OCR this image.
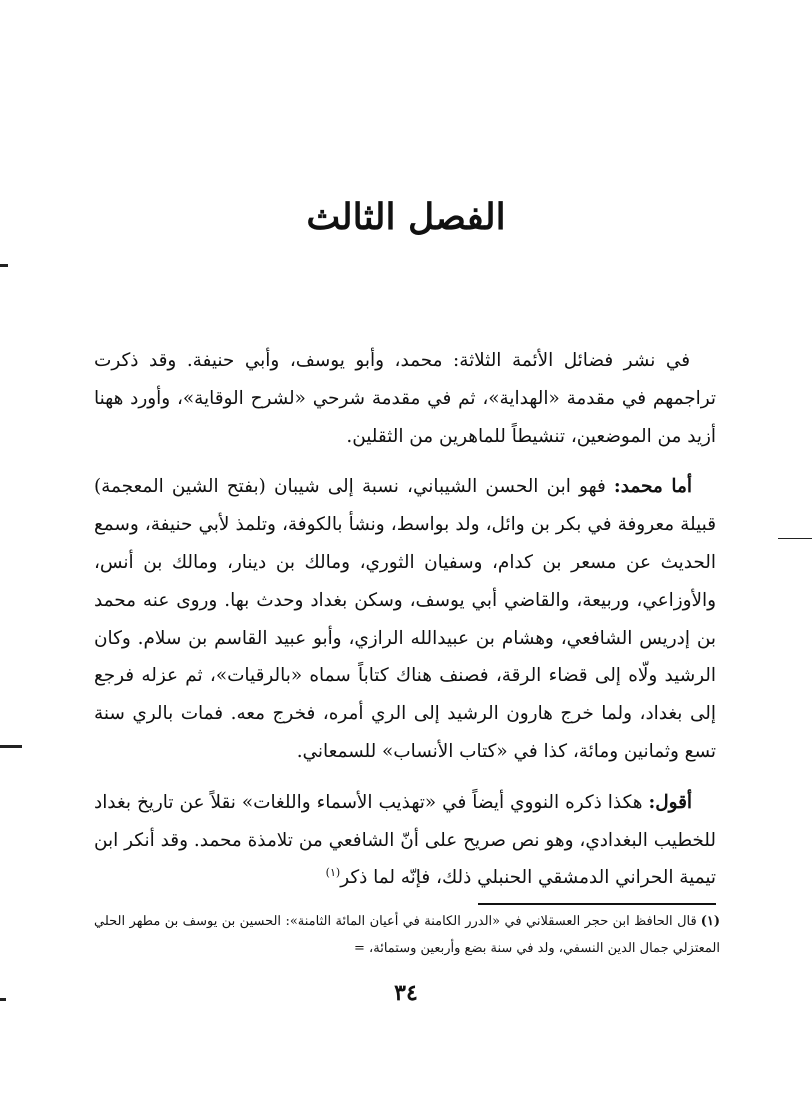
الفصل الثالث

في نشر فضائل الأئمة الثلاثة: محمد، وأبو يوسف، وأبي حنيفة. وقد ذكرت تراجمهم في مقدمة «الهداية»، ثم في مقدمة شرحي «لشرح الوقاية»، وأورد ههنا أزيد من الموضعين، تنشيطاً للماهرين من الثقلين.

أما محمد: فهو ابن الحسن الشيباني، نسبة إلى شيبان (بفتح الشين المعجمة) قبيلة معروفة في بكر بن وائل، ولد بواسط، ونشأ بالكوفة، وتلمذ لأبي حنيفة، وسمع الحديث عن مسعر بن كدام، وسفيان الثوري، ومالك بن دينار، ومالك بن أنس، والأوزاعي، وربيعة، والقاضي أبي يوسف، وسكن بغداد وحدث بها. وروى عنه محمد بن إدريس الشافعي، وهشام بن عبيدالله الرازي، وأبو عبيد القاسم بن سلام. وكان الرشيد ولّاه إلى قضاء الرقة، فصنف هناك كتاباً سماه «بالرقيات»، ثم عزله فرجع إلى بغداد، ولما خرج هارون الرشيد إلى الري أمره، فخرج معه. فمات بالري سنة تسع وثمانين ومائة، كذا في «كتاب الأنساب» للسمعاني.

أقول: هكذا ذكره النووي أيضاً في «تهذيب الأسماء واللغات» نقلاً عن تاريخ بغداد للخطيب البغدادي، وهو نص صريح على أنّ الشافعي من تلامذة محمد. وقد أنكر ابن تيمية الحراني الدمشقي الحنبلي ذلك، فإنّه لما ذكر$^{(١)}$

(١)قال الحافظ ابن حجر العسقلاني في «الدرر الكامنة في أعيان المائة الثامنة»: الحسين بن يوسف بن مطهر الحلي المعتزلي جمال الدين النسفي، ولد في سنة بضع وأربعين وستمائة، =
٣٤
